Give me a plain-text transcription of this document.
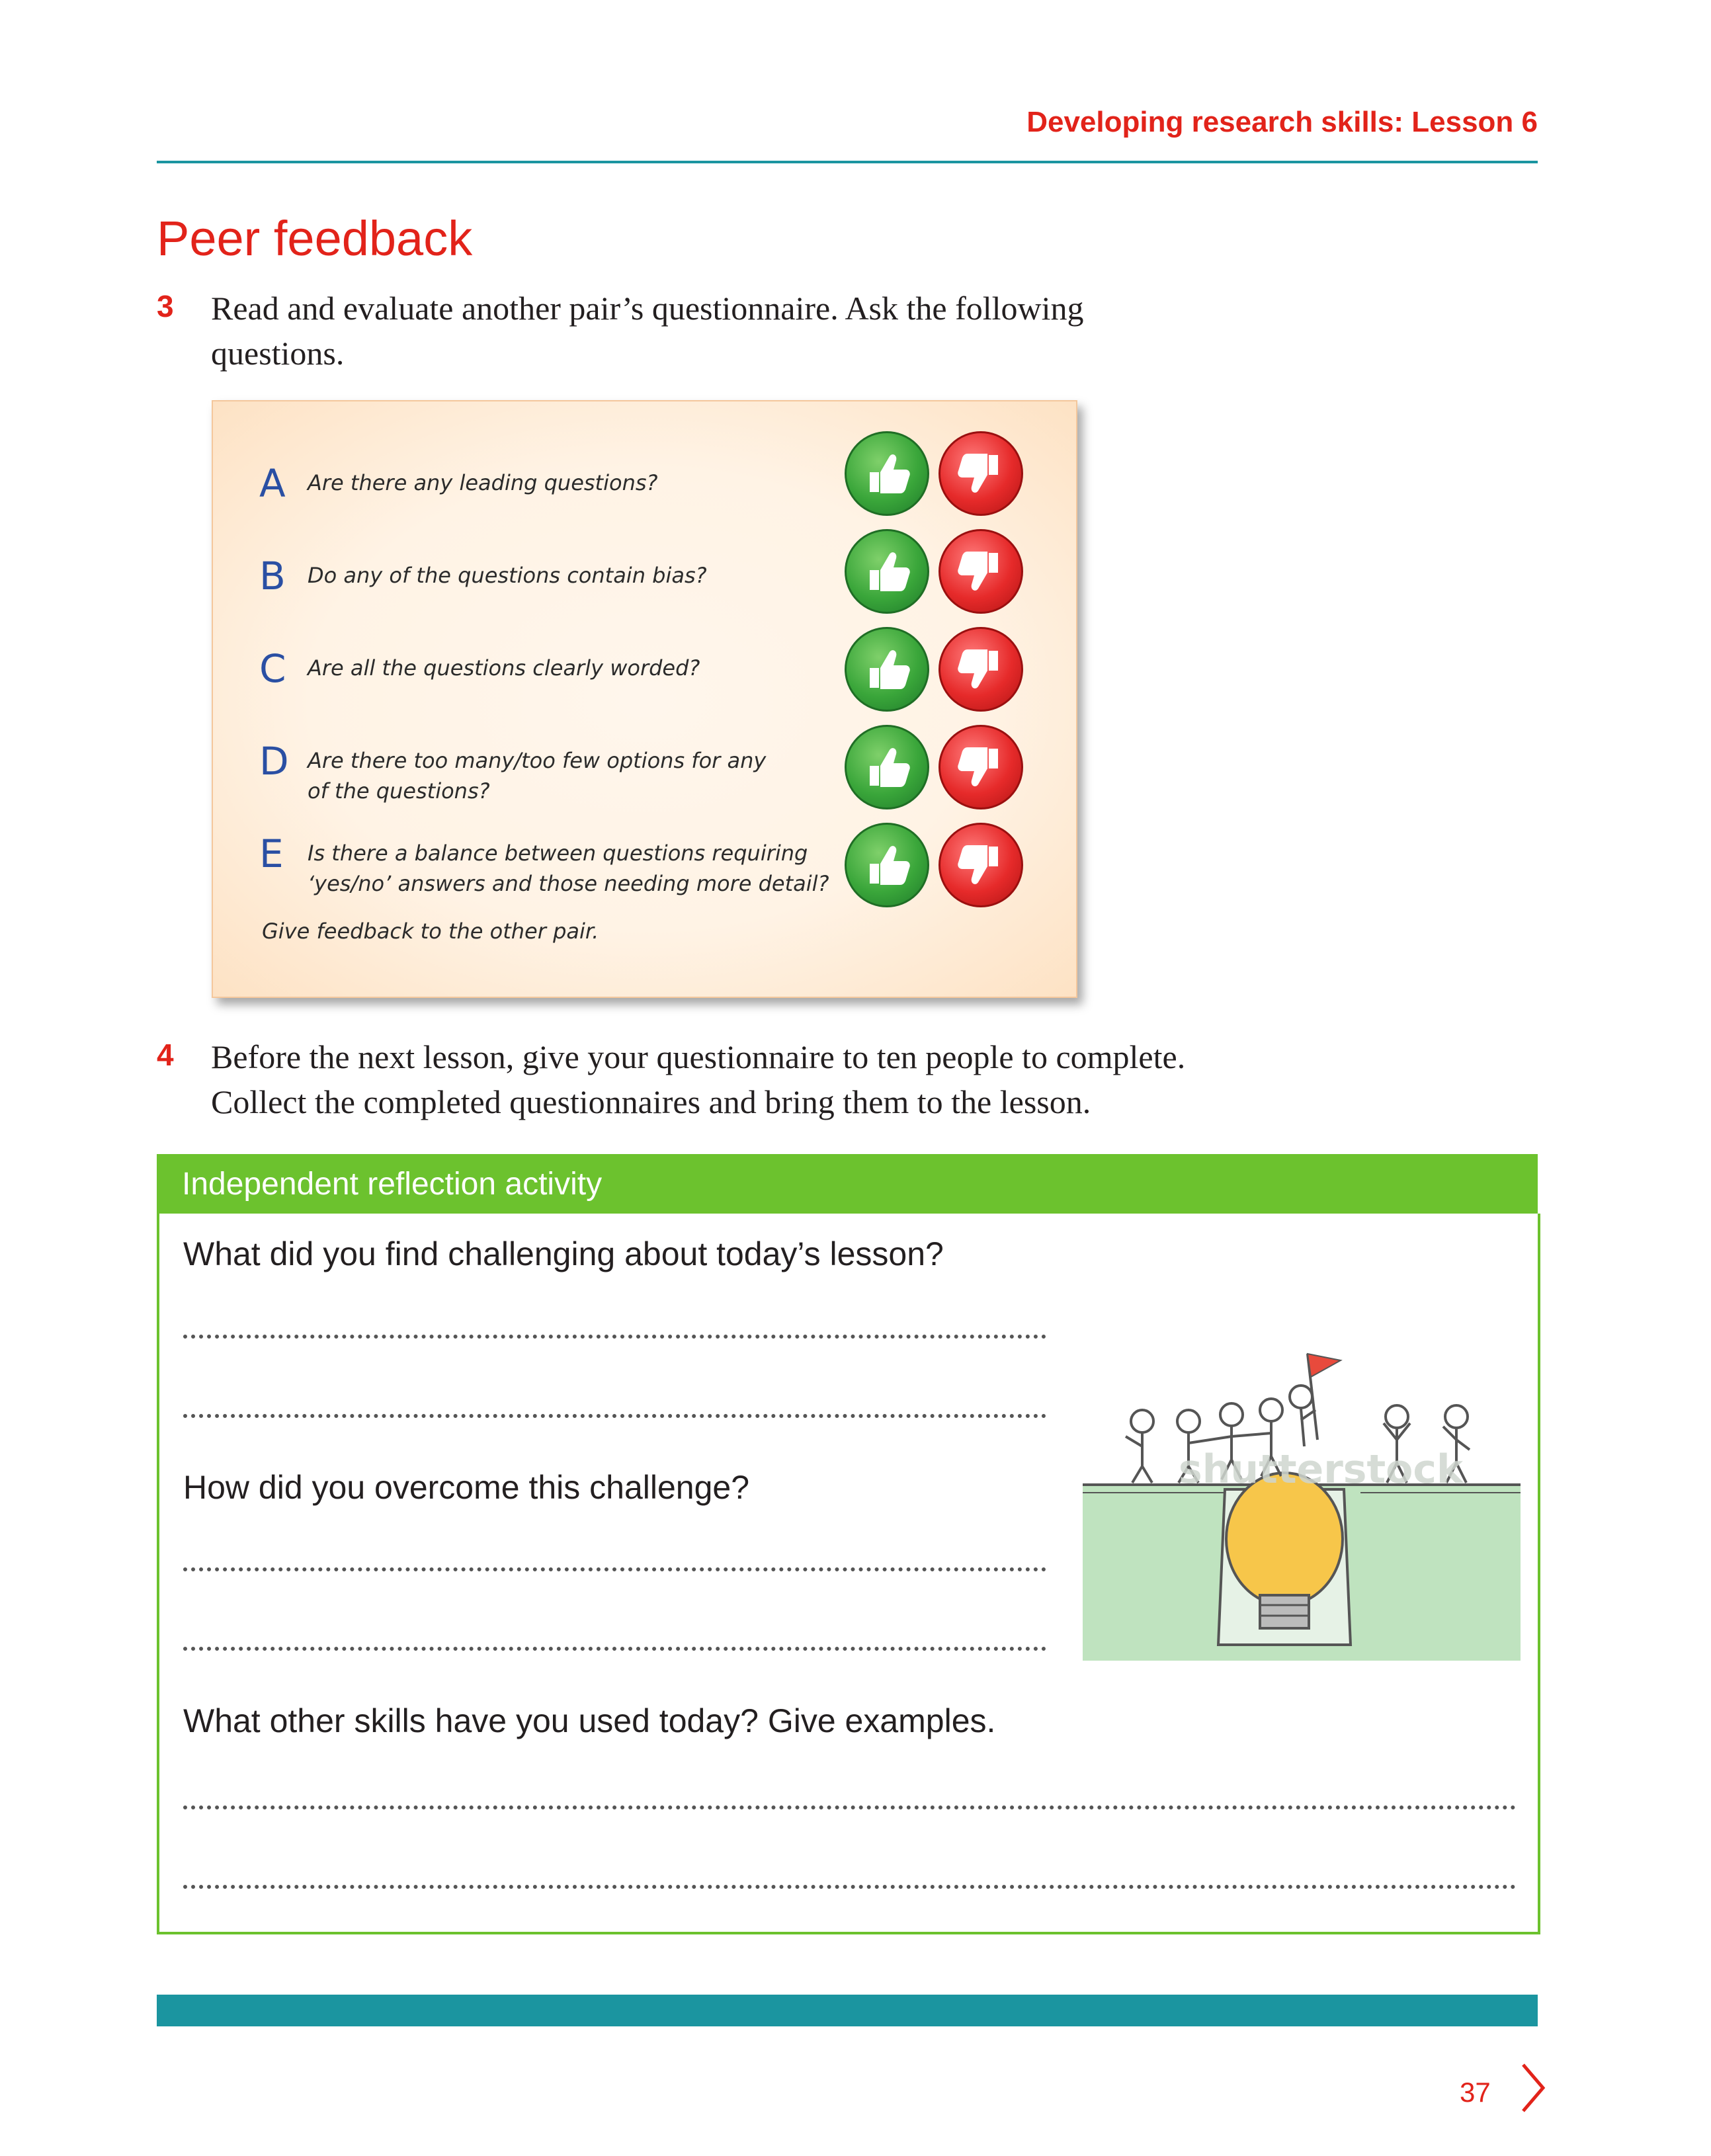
Developing research skills: Lesson 6
Peer feedback
3 Read and evaluate another pair’s questionnaire. Ask the following
questions.
A Are there any leading questions?
B Do any of the questions contain bias?
C Are all the questions clearly worded?
D Are there too many/too few options for any
of the questions?
E Is there a balance between questions requiring
‘yes/no’ answers and those needing more detail?
Give feedback to the other pair.
4 Before the next lesson, give your questionnaire to ten people to complete.
Collect the completed questionnaires and bring them to the lesson.
Independent reflection activity
What did you find challenging about today’s lesson?
How did you overcome this challenge?
What other skills have you used today? Give examples.
shutterstock
37
